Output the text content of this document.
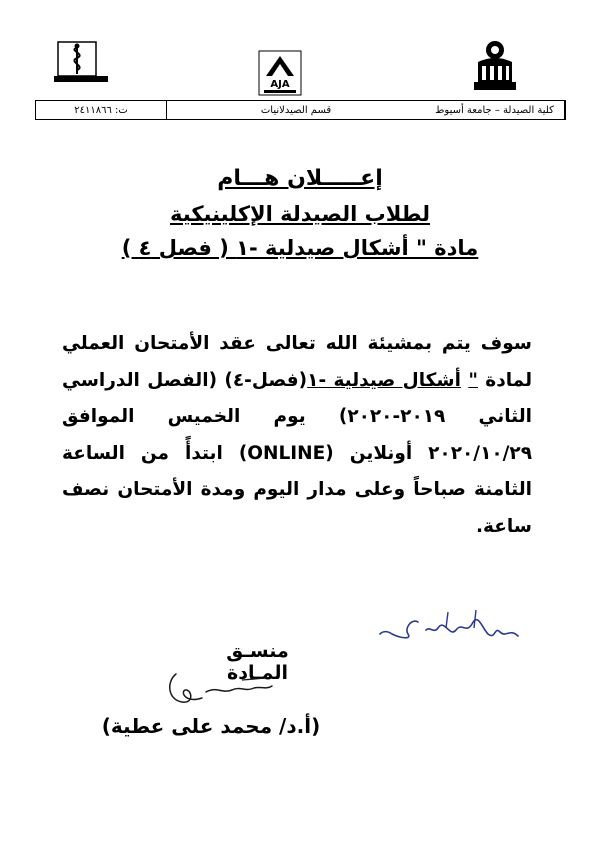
AJA
كلية الصيدلة – جامعة أسيوط
قسم الصيدلانيات
ت: ٢٤١١٨٦٦
إعـــــلان هـــام
لطلاب الصيدلة الإكلينيكية
مادة " أشكال صيدلية -١ ( فصل ٤ )
سوف يتم بمشيئة الله تعالى عقد الأمتحان العملي لمادة " أشكال صيدلية -١(فصل-٤) (الفصل الدراسي الثاني ٢٠١٩-٢٠٢٠) يوم الخميس الموافق ٢٠٢٠/١٠/٢٩ أونلاين (ONLINE) ابتدأً من الساعة الثامنة صباحاً وعلى مدار اليوم ومدة الأمتحان نصف ساعة.
منسـق المـادة
(أ.د/ محمد على عطية)
